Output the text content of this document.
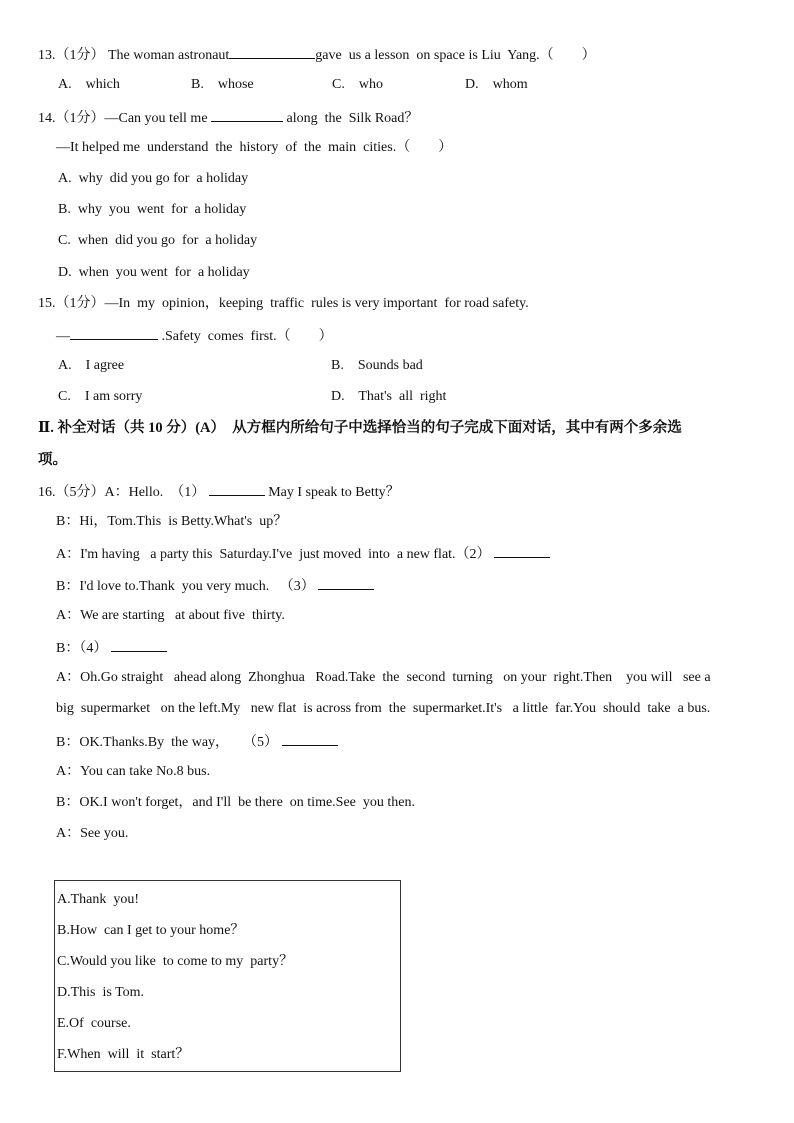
13.（1分） The woman astronaut	gave  us a lesson  on space is Liu  Yang.（        ）
A.    which	B.    whose	C.    who	D.    whom
14.（1分）—Can you tell me	along  the  Silk Road？
—It helped me  understand  the  history  of  the  main  cities.（        ）
A.  why  did you go for  a holiday
B.  why  you  went  for  a holiday
C.  when  did you go  for  a holiday
D.  when  you went  for  a holiday
15.（1分）—In  my  opinion，keeping  traffic  rules is very important  for road safety.
—	.Safety  comes  first.（        ）
A.    I agree	B.    Sounds bad
C.    I am sorry	D.    That's  all  right
Ⅱ. 补全对话（共 10 分）(A）  从方框内所给句子中选择恰当的句子完成下面对话，其中有两个多余选
项。
16.（5分）A：Hello.  （1）	May I speak to Betty？
B：Hi，Tom.This  is Betty.What's  up？
A：I'm having   a party this  Saturday.I've  just moved  into  a new flat.（2）
B：I'd love to.Thank  you very much.   （3）
A：We are starting   at about five  thirty.
B：（4）
A：Oh.Go straight   ahead along  Zhonghua   Road.Take  the  second  turning   on your  right.Then    you will   see a
big  supermarket   on the left.My   new flat  is across from  the  supermarket.It's   a little  far.You  should  take  a bus.
B：OK.Thanks.By  the way，    （5）
A：You can take No.8 bus.
B：OK.I won't forget，and I'll  be there  on time.See  you then.
A：See you.
A.Thank  you!
B.How  can I get to your home？
C.Would you like  to come to my  party？
D.This  is Tom.
E.Of  course.
F.When  will  it  start？
